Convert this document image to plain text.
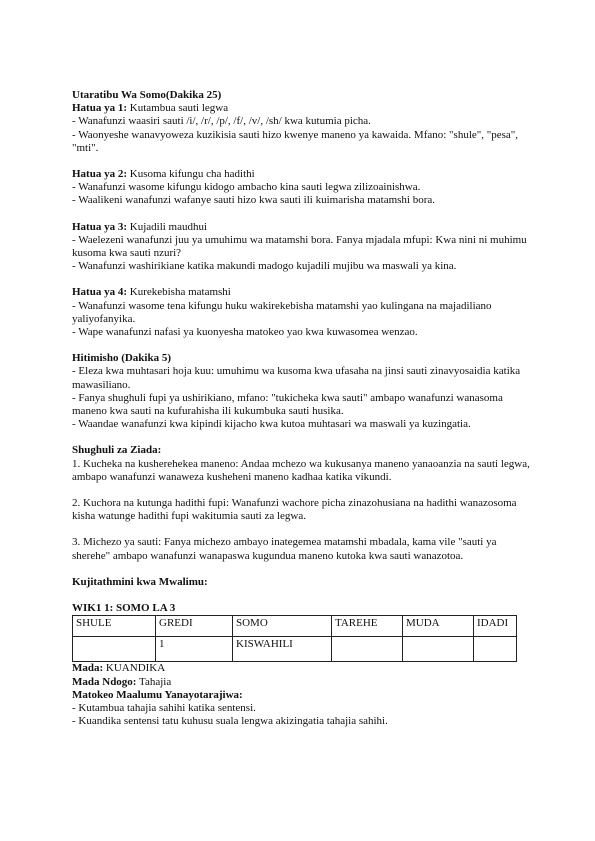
Utaratibu Wa Somo(Dakika 25)
Hatua ya 1: Kutambua sauti legwa
- Wanafunzi waasiri sauti /i/, /r/, /p/, /f/, /v/, /sh/ kwa kutumia picha.
- Waonyeshe wanavyoweza kuzikisia sauti hizo kwenye maneno ya kawaida. Mfano: "shule", "pesa", "mti".
Hatua ya 2: Kusoma kifungu cha hadithi
- Wanafunzi wasome kifungu kidogo ambacho kina sauti legwa zilizoainishwa.
- Waalikeni wanafunzi wafanye sauti hizo kwa sauti ili kuimarisha matamshi bora.
Hatua ya 3: Kujadili maudhui
- Waelezeni wanafunzi juu ya umuhimu wa matamshi bora. Fanya mjadala mfupi: Kwa nini ni muhimu kusoma kwa sauti nzuri?
- Wanafunzi washirikiane katika makundi madogo kujadili mujibu wa maswali ya kina.
Hatua ya 4: Kurekebisha matamshi
- Wanafunzi wasome tena kifungu huku wakirekebisha matamshi yao kulingana na majadiliano yaliyofanyika.
- Wape wanafunzi nafasi ya kuonyesha matokeo yao kwa kuwasomea wenzao.
Hitimisho (Dakika 5)
- Eleza kwa muhtasari hoja kuu: umuhimu wa kusoma kwa ufasaha na jinsi sauti zinavyosaidia katika mawasiliano.
- Fanya shughuli fupi ya ushirikiano, mfano: "tukicheka kwa sauti" ambapo wanafunzi wanasoma maneno kwa sauti na kufurahisha ili kukumbuka sauti husika.
- Waandae wanafunzi kwa kipindi kijacho kwa kutoa muhtasari wa maswali ya kuzingatia.
Shughuli za Ziada:
1. Kucheka na kusherehekea maneno: Andaa mchezo wa kukusanya maneno yanaoanzia na sauti legwa, ambapo wanafunzi wanaweza kusheheni maneno kadhaa katika vikundi.
2. Kuchora na kutunga hadithi fupi: Wanafunzi wachore picha zinazohusiana na hadithi wanazosoma kisha watunge hadithi fupi wakitumia sauti za legwa.
3. Michezo ya sauti: Fanya michezo ambayo inategemea matamshi mbadala, kama vile "sauti ya sherehe" ambapo wanafunzi wanapaswa kugundua maneno kutoka kwa sauti wanazotoa.
Kujitathmini kwa Mwalimu:
WIK1 1: SOMO LA 3
SHULE	GREDI	SOMO	TAREHE	MUDA	IDADI
	1	KISWAHILI			
Mada: KUANDIKA
Mada Ndogo: Tahajia
Matokeo Maalumu Yanayotarajiwa:
- Kutambua tahajia sahihi katika sentensi.
- Kuandika sentensi tatu kuhusu suala lengwa akizingatia tahajia sahihi.
